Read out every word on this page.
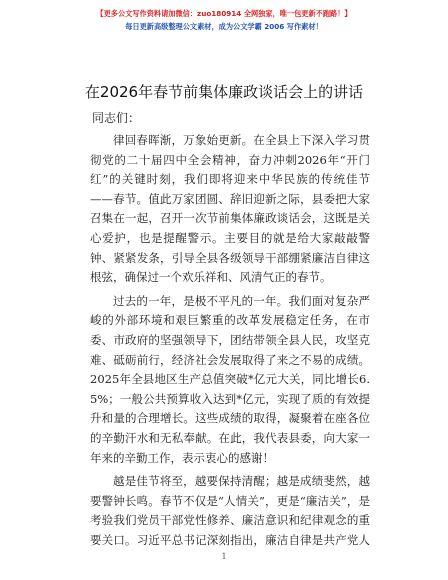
【更多公文写作资料请加微信：zuo180914 全网独家，唯一包更新不跑路！】
每日更新高级整理公文素材，成为公文学霸 2006 写作素材！
在2026年春节前集体廉政谈话会上的讲话
同志们：

律回春晖渐，万象始更新。在全县上下深入学习贯彻党的二十届四中全会精神，奋力冲刺2026年“开门红”的关键时刻，我们即将迎来中华民族的传统佳节——春节。值此万家团圆、辞旧迎新之际，县委把大家召集在一起，召开一次节前集体廉政谈话会，这既是关心爱护，也是提醒警示。主要目的就是给大家敲敲警钟、紧紧发条，引导全县各级领导干部绷紧廉洁自律这根弦，确保过一个欢乐祥和、风清气正的春节。

过去的一年，是极不平凡的一年。我们面对复杂严峻的外部环境和艰巨繁重的改革发展稳定任务，在市委、市政府的坚强领导下，团结带领全县人民，攻坚克难、砥砺前行，经济社会发展取得了来之不易的成绩。2025年全县地区生产总值突破*亿元大关，同比增长6.5%；一般公共预算收入达到*亿元，实现了质的有效提升和量的合理增长。这些成绩的取得，凝聚着在座各位的辛勤汗水和无私奉献。在此，我代表县委，向大家一年来的辛勤工作，表示衷心的感谢！

越是佳节将至，越要保持清醒；越是成绩斐然，越要警钟长鸣。春节不仅是“人情关”，更是“廉洁关”，是考验我们党员干部党性修养、廉洁意识和纪律观念的重要关口。习近平总书记深刻指出，廉洁自律是共产党人

1
